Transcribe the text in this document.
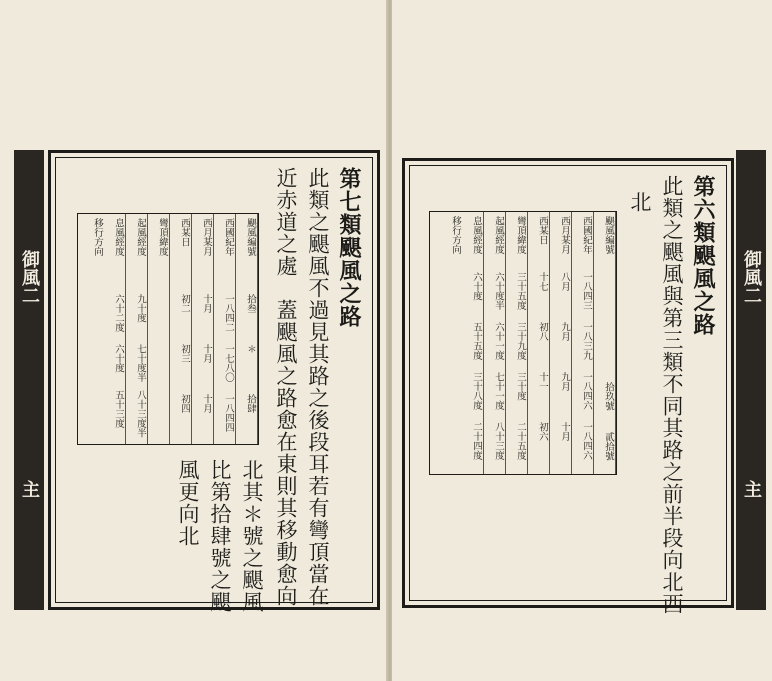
御風二
主
第七類颶風之路
此類之颶風不過見其路之後段耳若有彎頂當在
近赤道之處　蓋颶風之路愈在東則其移動愈向
北其＊號之颶風
比第拾肆號之颶
風更向北
颶風編號
拾叁
＊
拾肆
西國紀年
一八四二
一七八〇
一八四四
西月某月
十月
十月
十月
西某日
初二
初三
初四
彎頂緯度
起風經度
九十度
七十度半
八十三度半
息風經度
六十二度
六十度
五十三度
移行方向
御風二
主
第六類颶風之路
此類之颶風與第三類不同其路之前半段向北西
北
颶風編號
拾玖號
貳拾號
西國紀年
一八四三
一八三九
一八四六
一八四六
西月某月
八月
九月
九月
十月
西某日
十七
初八
十一
初六
彎頂緯度
三十五度
三十九度
三十度
二十五度
起風經度
六十度半
六十一度
七十一度
八十三度
息風經度
六十度
五十五度
三十八度
二十四度
移行方向
